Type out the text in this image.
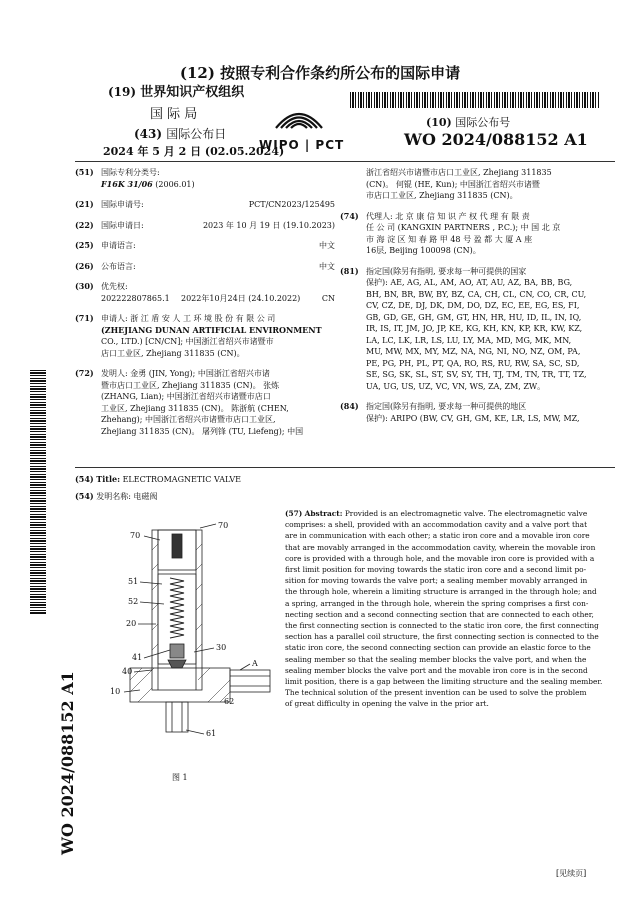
(12) 按照专利合作条约所公布的国际申请
(19) 世界知识产权组织
国 际 局
(43) 国际公布日
2024 年 5 月 2 日 (02.05.2024)
WIPO | PCT
(10) 国际公布号
WO 2024/088152 A1
(51) 国际专利分类号:
F16K 31/06 (2006.01)
(21) 国际申请号:	PCT/CN2023/125495
(22) 国际申请日:	2023 年 10 月 19 日 (19.10.2023)
(25) 申请语言:	中文
(26) 公布语言:	中文
(30) 优先权:
202222807865.1	2022年10月24日 (24.10.2022)	CN
(71) 申请人: 浙 江 盾 安 人 工 环 境 股 份 有 限 公 司
(ZHEJIANG DUNAN ARTIFICIAL ENVIRONMENT
CO., LTD.) [CN/CN]; 中国浙江省绍兴市诸暨市
店口工业区, Zhejiang 311835 (CN)。
(72) 发明人: 金勇 (JIN, Yong); 中国浙江省绍兴市诸
暨市店口工业区, Zhejiang 311835 (CN)。 张炼
(ZHANG, Lian); 中国浙江省绍兴市诸暨市店口
工业区, Zhejiang 311835 (CN)。 陈浙航 (CHEN,
Zhehang); 中国浙江省绍兴市诸暨市店口工业区,
Zhejiang 311835 (CN)。 屠列锋 (TU, Liefeng); 中国
浙江省绍兴市诸暨市店口工业区, Zhejiang 311835
(CN)。 何锟 (HE, Kun); 中国浙江省绍兴市诸暨
市店口工业区, Zhejiang 311835 (CN)。
(74) 代理人: 北 京 康 信 知 识 产 权 代 理 有 限 责
任 公 司 (KANGXIN PARTNERS , P.C.); 中 国 北 京
市 海 淀 区 知 春 路 甲 48 号 盈 都 大 厦 A 座
16层, Beijing 100098 (CN)。
(81) 指定国(除另有指明, 要求每一种可提供的国家
保护): AE, AG, AL, AM, AO, AT, AU, AZ, BA, BB, BG,
BH, BN, BR, BW, BY, BZ, CA, CH, CL, CN, CO, CR, CU,
CV, CZ, DE, DJ, DK, DM, DO, DZ, EC, EE, EG, ES, FI,
GB, GD, GE, GH, GM, GT, HN, HR, HU, ID, IL, IN, IQ,
IR, IS, IT, JM, JO, JP, KE, KG, KH, KN, KP, KR, KW, KZ,
LA, LC, LK, LR, LS, LU, LY, MA, MD, MG, MK, MN,
MU, MW, MX, MY, MZ, NA, NG, NI, NO, NZ, OM, PA,
PE, PG, PH, PL, PT, QA, RO, RS, RU, RW, SA, SC, SD,
SE, SG, SK, SL, ST, SV, SY, TH, TJ, TM, TN, TR, TT, TZ,
UA, UG, US, UZ, VC, VN, WS, ZA, ZM, ZW。
(84) 指定国(除另有指明, 要求每一种可提供的地区
保护): ARIPO (BW, CV, GH, GM, KE, LR, LS, MW, MZ,
(54) Title: ELECTROMAGNETIC VALVE
(54) 发明名称: 电磁阀
70
70
51
52
20
41
40
10
30
A
62
61
图 1
(57) Abstract: Provided is an electromagnetic valve. The electromagnetic valve
comprises: a shell, provided with an accommodation cavity and a valve port that
are in communication with each other; a static iron core and a movable iron core
that are movably arranged in the accommodation cavity, wherein the movable iron
core is provided with a through hole, and the movable iron core is provided with a
first limit position for moving towards the static iron core and a second limit po-
sition for moving towards the valve port; a sealing member movably arranged in
the through hole, wherein a limiting structure is arranged in the through hole; and
a spring, arranged in the through hole, wherein the spring comprises a first con-
necting section and a second connecting section that are connected to each other,
the first connecting section is connected to the static iron core, the first connecting
section has a parallel coil structure, the first connecting section is connected to the
static iron core, the second connecting section can provide an elastic force to the
sealing member so that the sealing member blocks the valve port, and when the
sealing member blocks the valve port and the movable iron core is in the second
limit position, there is a gap between the limiting structure and the sealing member.
The technical solution of the present invention can be used to solve the problem
of great difficulty in opening the valve in the prior art.
WO 2024/088152 A1
[见续页]
